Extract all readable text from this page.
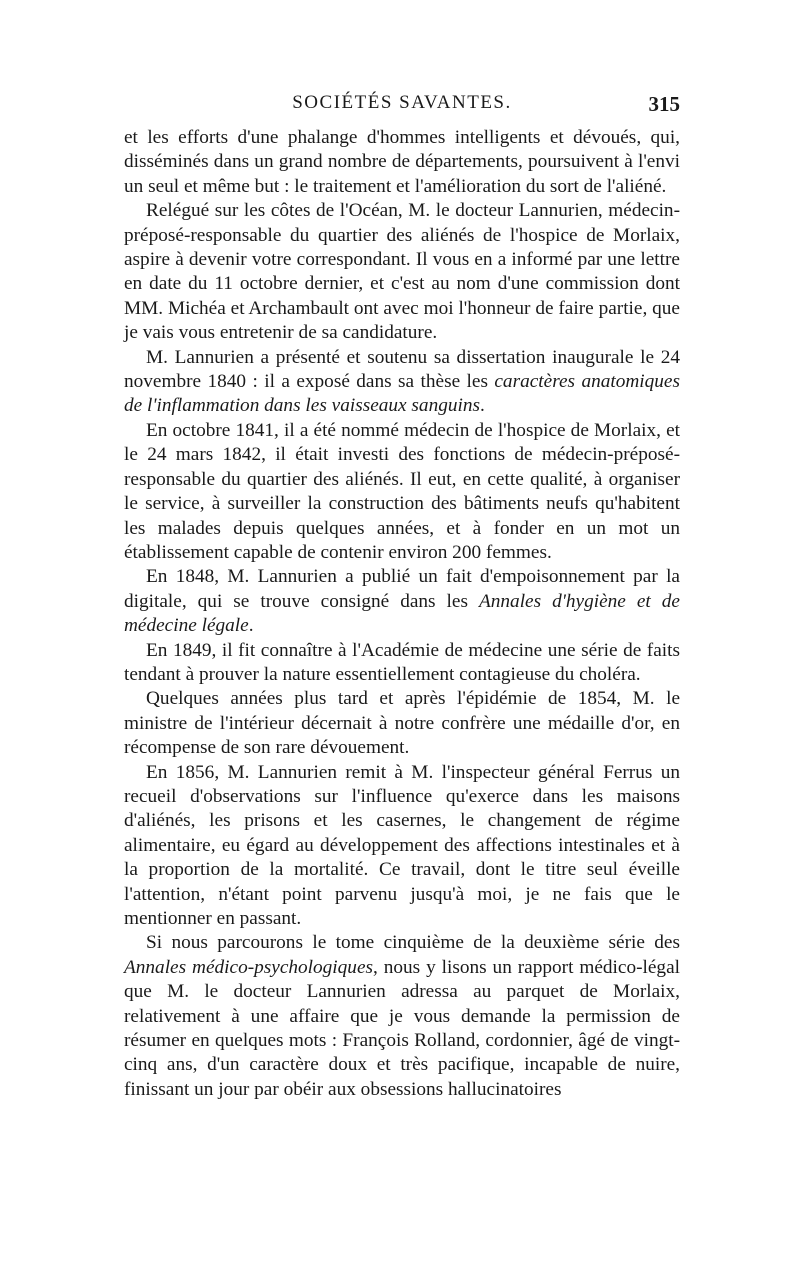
SOCIÉTÉS SAVANTES.	315

et les efforts d'une phalange d'hommes intelligents et dévoués, qui, disséminés dans un grand nombre de départements, poursuivent à l'envi un seul et même but : le traitement et l'amélioration du sort de l'aliéné.

Relégué sur les côtes de l'Océan, M. le docteur Lannurien, médecin-préposé-responsable du quartier des aliénés de l'hospice de Morlaix, aspire à devenir votre correspondant. Il vous en a informé par une lettre en date du 11 octobre dernier, et c'est au nom d'une commission dont MM. Michéa et Archambault ont avec moi l'honneur de faire partie, que je vais vous entretenir de sa candidature.

M. Lannurien a présenté et soutenu sa dissertation inaugurale le 24 novembre 1840 : il a exposé dans sa thèse les caractères anatomiques de l'inflammation dans les vaisseaux sanguins.

En octobre 1841, il a été nommé médecin de l'hospice de Morlaix, et le 24 mars 1842, il était investi des fonctions de médecin-préposé-responsable du quartier des aliénés. Il eut, en cette qualité, à organiser le service, à surveiller la construction des bâtiments neufs qu'habitent les malades depuis quelques années, et à fonder en un mot un établissement capable de contenir environ 200 femmes.

En 1848, M. Lannurien a publié un fait d'empoisonnement par la digitale, qui se trouve consigné dans les Annales d'hygiène et de médecine légale.

En 1849, il fit connaître à l'Académie de médecine une série de faits tendant à prouver la nature essentiellement contagieuse du choléra.

Quelques années plus tard et après l'épidémie de 1854, M. le ministre de l'intérieur décernait à notre confrère une médaille d'or, en récompense de son rare dévouement.

En 1856, M. Lannurien remit à M. l'inspecteur général Ferrus un recueil d'observations sur l'influence qu'exerce dans les maisons d'aliénés, les prisons et les casernes, le changement de régime alimentaire, eu égard au développement des affections intestinales et à la proportion de la mortalité. Ce travail, dont le titre seul éveille l'attention, n'étant point parvenu jusqu'à moi, je ne fais que le mentionner en passant.

Si nous parcourons le tome cinquième de la deuxième série des Annales médico-psychologiques, nous y lisons un rapport médico-légal que M. le docteur Lannurien adressa au parquet de Morlaix, relativement à une affaire que je vous demande la permission de résumer en quelques mots : François Rolland, cordonnier, âgé de vingt-cinq ans, d'un caractère doux et très pacifique, incapable de nuire, finissant un jour par obéir aux obsessions hallucinatoires
